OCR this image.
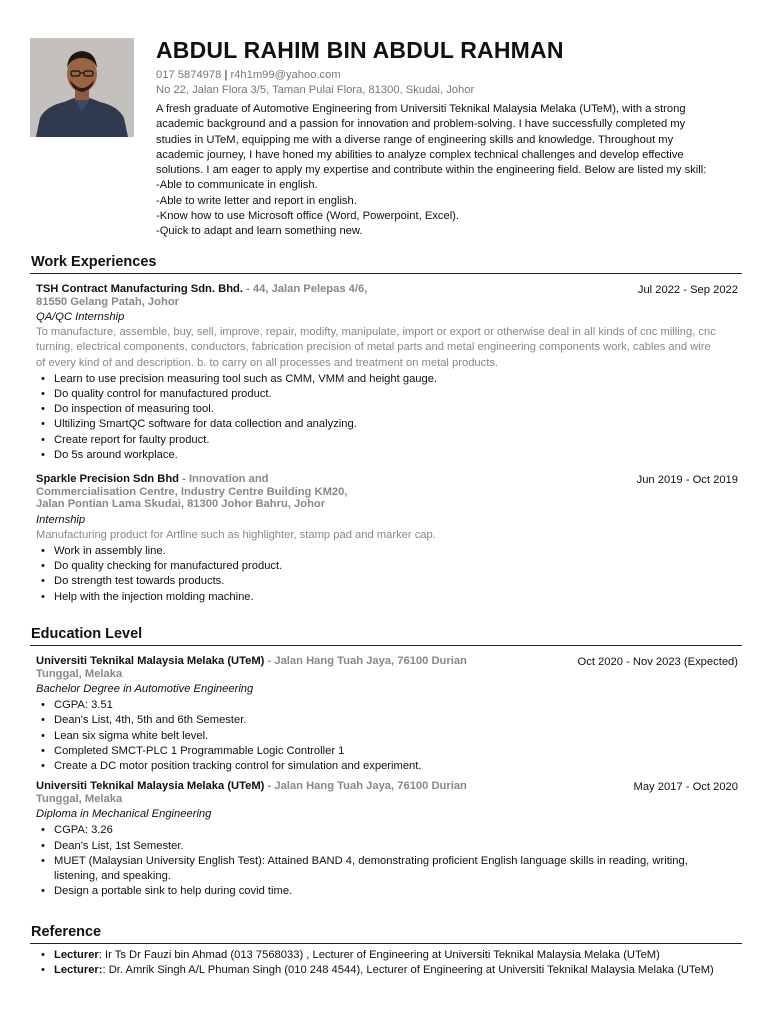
ABDUL RAHIM BIN ABDUL RAHMAN
017 5874978 | r4h1m99@yahoo.com
No 22, Jalan Flora 3/5, Taman Pulai Flora, 81300, Skudai, Johor
A fresh graduate of Automotive Engineering from Universiti Teknikal Malaysia Melaka (UTeM), with a strong
academic background and a passion for innovation and problem-solving. I have successfully completed my
studies in UTeM, equipping me with a diverse range of engineering skills and knowledge. Throughout my
academic journey, I have honed my abilities to analyze complex technical challenges and develop effective
solutions. I am eager to apply my expertise and contribute within the engineering field. Below are listed my skill:
-Able to communicate in english.
-Able to write letter and report in english.
-Know how to use Microsoft office (Word, Powerpoint, Excel).
-Quick to adapt and learn something new.
Work Experiences
TSH Contract Manufacturing Sdn. Bhd. - 44, Jalan Pelepas 4/6,
81550 Gelang Patah, Johor
Jul 2022 - Sep 2022
QA/QC Internship
To manufacture, assemble, buy, sell, improve, repair, modifty, manipulate, import or export or otherwise deal in all kinds of cnc milling, cnc
turning, electrical components, conductors, fabrication precision of metal parts and metal engineering components work, cables and wire
of every kind of and description. b. to carry on all processes and treatment on metal products.
• Learn to use precision measuring tool such as CMM, VMM and height gauge.
• Do quality control for manufactured product.
• Do inspection of measuring tool.
• Ultilizing SmartQC software for data collection and analyzing.
• Create report for faulty product.
• Do 5s around workplace.
Sparkle Precision Sdn Bhd - Innovation and
Commercialisation Centre, Industry Centre Building KM20,
Jalan Pontian Lama Skudai, 81300 Johor Bahru, Johor
Jun 2019 - Oct 2019
Internship
Manufacturing product for Artline such as highlighter, stamp pad and marker cap.
• Work in assembly line.
• Do quality checking for manufactured product.
• Do strength test towards products.
• Help with the injection molding machine.
Education Level
Universiti Teknikal Malaysia Melaka (UTeM) - Jalan Hang Tuah Jaya, 76100 Durian
Tunggal, Melaka
Oct 2020 - Nov 2023 (Expected)
Bachelor Degree in Automotive Engineering
• CGPA: 3.51
• Dean's List, 4th, 5th and 6th Semester.
• Lean six sigma white belt level.
• Completed SMCT-PLC 1 Programmable Logic Controller 1
• Create a DC motor position tracking control for simulation and experiment.
Universiti Teknikal Malaysia Melaka (UTeM) - Jalan Hang Tuah Jaya, 76100 Durian
Tunggal, Melaka
May 2017 - Oct 2020
Diploma in Mechanical Engineering
• CGPA: 3.26
• Dean's List, 1st Semester.
• MUET (Malaysian University English Test): Attained BAND 4, demonstrating proficient English language skills in reading, writing,
listening, and speaking.
• Design a portable sink to help during covid time.
Reference
• Lecturer: Ir Ts Dr Fauzi bin Ahmad (013 7568033) , Lecturer of Engineering at Universiti Teknikal Malaysia Melaka (UTeM)
• Lecturer:: Dr. Amrik Singh A/L Phuman Singh (010 248 4544), Lecturer of Engineering at Universiti Teknikal Malaysia Melaka (UTeM)
